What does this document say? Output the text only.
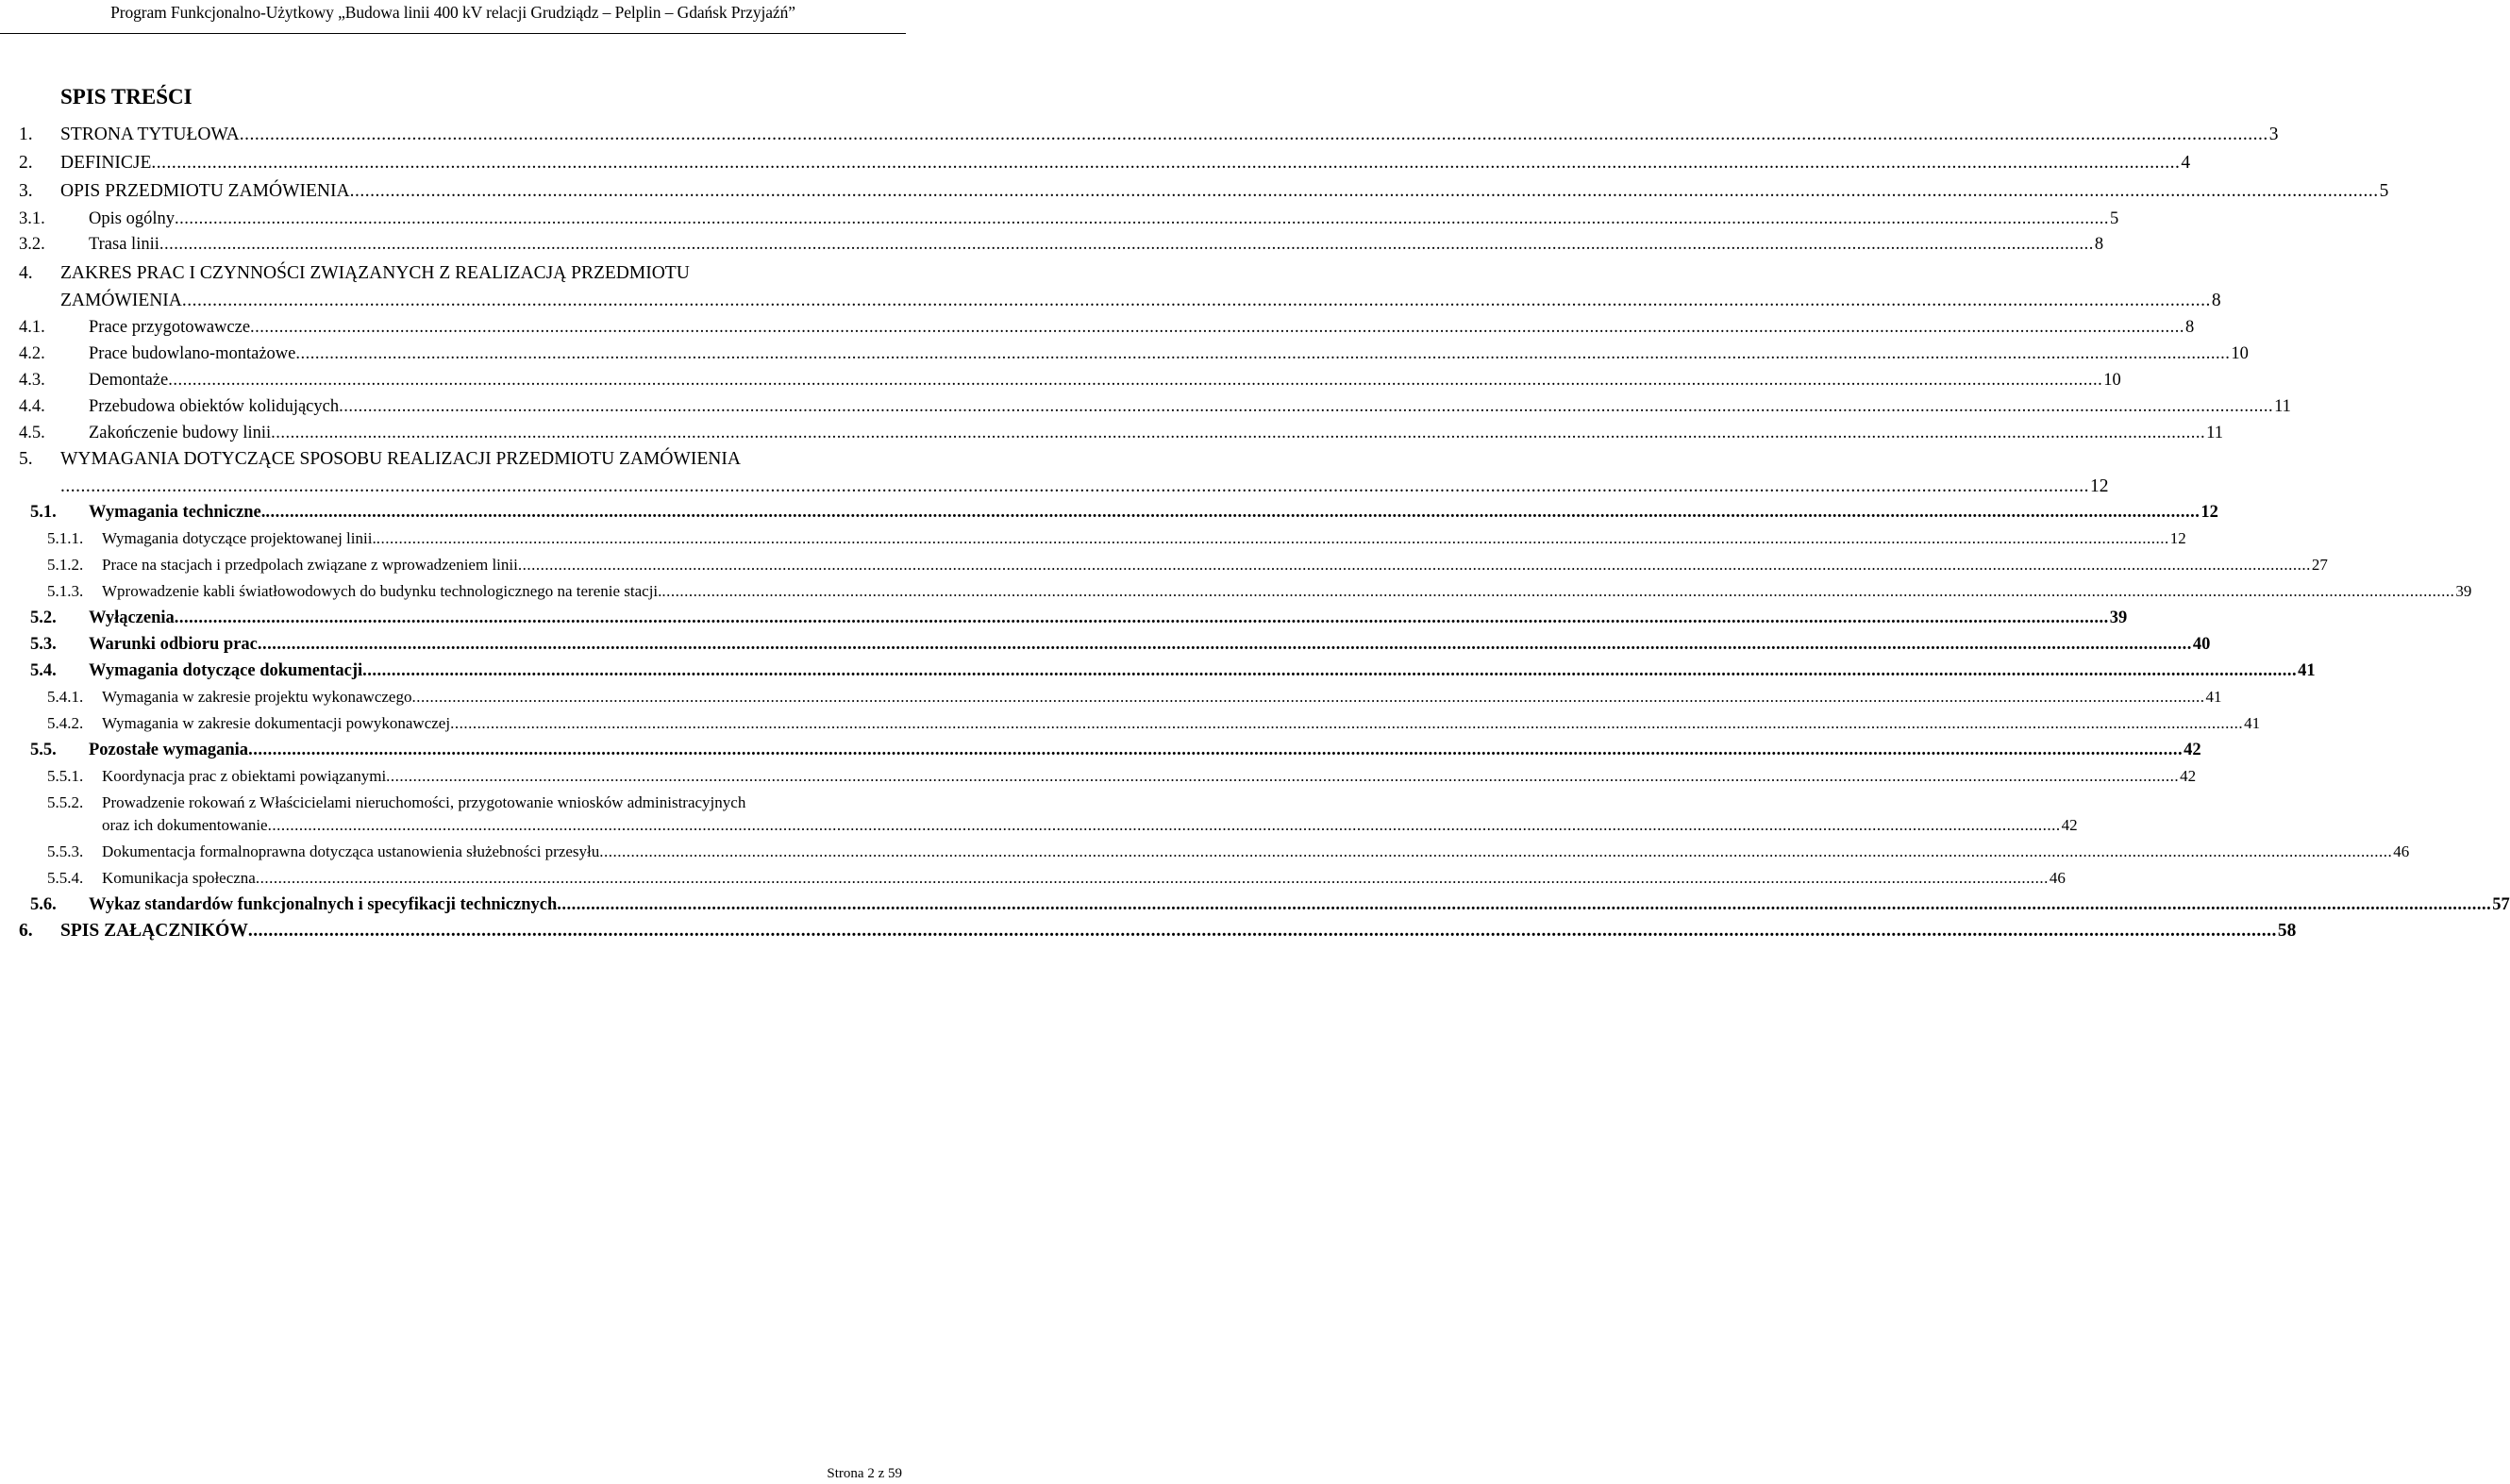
Program Funkcjonalno-Użytkowy „Budowa linii 400 kV relacji Grudziądz – Pelplin – Gdańsk Przyjaźń”
SPIS TREŚCI
1. STRONA TYTUŁOWA ................................................................................................................................................................................................................................................................................................................................................................................................................ 3
2. DEFINICJE ................................................................................................................................................................................................................................................................................................................................................................................................................ 4
3. OPIS PRZEDMIOTU ZAMÓWIENIA ................................................................................................................................................................................................................................................................................................................................................................................................................ 5
3.1.	Opis ogólny ................................................................................................................................................................................................................................................................................................................................................................................................................ 5
3.2.	Trasa linii ................................................................................................................................................................................................................................................................................................................................................................................................................ 8
4. ZAKRES PRAC I CZYNNOŚCI ZWIĄZANYCH Z REALIZACJĄ PRZEDMIOTU
ZAMÓWIENIA ................................................................................................................................................................................................................................................................................................................................................................................................................ 8
4.1.	Prace przygotowawcze ................................................................................................................................................................................................................................................................................................................................................................................................................ 8
4.2.	Prace budowlano-montażowe ................................................................................................................................................................................................................................................................................................................................................................................................................ 10
4.3.	Demontaże ................................................................................................................................................................................................................................................................................................................................................................................................................ 10
4.4.	Przebudowa obiektów kolidujących ................................................................................................................................................................................................................................................................................................................................................................................................................ 11
4.5.	Zakończenie budowy linii ................................................................................................................................................................................................................................................................................................................................................................................................................ 11
5. WYMAGANIA DOTYCZĄCE SPOSOBU REALIZACJI PRZEDMIOTU ZAMÓWIENIA
................................................................................................................................................................................................................................................................................................................................................................................................................ 12
5.1. Wymagania techniczne. ................................................................................................................................................................................................................................................................................................................................................................................................................ 12
5.1.1. Wymagania dotyczące projektowanej linii. ................................................................................................................................................................................................................................................................................................................................................................................................................ 12
5.1.2. Prace na stacjach i przedpolach związane z wprowadzeniem linii ................................................................................................................................................................................................................................................................................................................................................................................................................ 27
5.1.3. Wprowadzenie kabli światłowodowych do budynku technologicznego na terenie stacji. ................................................................................................................................................................................................................................................................................................................................................................................................................ 39
5.2. Wyłączenia ................................................................................................................................................................................................................................................................................................................................................................................................................ 39
5.3. Warunki odbioru prac ................................................................................................................................................................................................................................................................................................................................................................................................................ 40
5.4. Wymagania dotyczące dokumentacji ................................................................................................................................................................................................................................................................................................................................................................................................................ 41
5.4.1. Wymagania w zakresie projektu wykonawczego ................................................................................................................................................................................................................................................................................................................................................................................................................ 41
5.4.2. Wymagania w zakresie dokumentacji powykonawczej ................................................................................................................................................................................................................................................................................................................................................................................................................ 41
5.5. Pozostałe wymagania ................................................................................................................................................................................................................................................................................................................................................................................................................ 42
5.5.1. Koordynacja prac z obiektami powiązanymi ................................................................................................................................................................................................................................................................................................................................................................................................................ 42
5.5.2. Prowadzenie rokowań z Właścicielami nieruchomości, przygotowanie wniosków administracyjnych
oraz ich dokumentowanie ................................................................................................................................................................................................................................................................................................................................................................................................................ 42
5.5.3. Dokumentacja formalnoprawna dotycząca ustanowienia służebności przesyłu ................................................................................................................................................................................................................................................................................................................................................................................................................ 46
5.5.4. Komunikacja społeczna ................................................................................................................................................................................................................................................................................................................................................................................................................ 46
5.6. Wykaz standardów funkcjonalnych i specyfikacji technicznych ................................................................................................................................................................................................................................................................................................................................................................................................................ 57
6. SPIS ZAŁĄCZNIKÓW ................................................................................................................................................................................................................................................................................................................................................................................................................ 58
Strona 2 z 59
